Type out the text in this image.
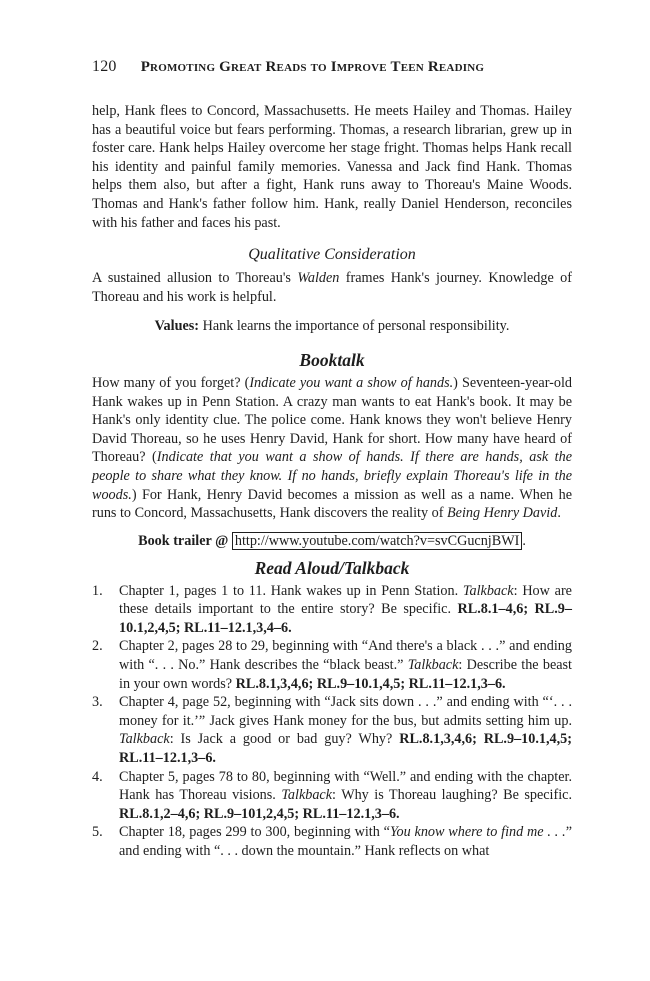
120 Promoting Great Reads to Improve Teen Reading

help, Hank flees to Concord, Massachusetts. He meets Hailey and Thomas. Hailey has a beautiful voice but fears performing. Thomas, a research librarian, grew up in foster care. Hank helps Hailey overcome her stage fright. Thomas helps Hank recall his identity and painful family memories. Vanessa and Jack find Hank. Thomas helps them also, but after a fight, Hank runs away to Thoreau's Maine Woods. Thomas and Hank's father follow him. Hank, really Daniel Henderson, reconciles with his father and faces his past.

Qualitative Consideration

A sustained allusion to Thoreau's Walden frames Hank's journey. Knowledge of Thoreau and his work is helpful.

Values: Hank learns the importance of personal responsibility.

Booktalk

How many of you forget? (Indicate you want a show of hands.) Seventeen-year-old Hank wakes up in Penn Station. A crazy man wants to eat Hank's book. It may be Hank's only identity clue. The police come. Hank knows they won't believe Henry David Thoreau, so he uses Henry David, Hank for short. How many have heard of Thoreau? (Indicate that you want a show of hands. If there are hands, ask the people to share what they know. If no hands, briefly explain Thoreau's life in the woods.) For Hank, Henry David becomes a mission as well as a name. When he runs to Concord, Massachusetts, Hank discovers the reality of Being Henry David.

Book trailer @ http://www.youtube.com/watch?v=svCGucnjBWI .
Read Aloud/Talkback
1. Chapter 1, pages 1 to 11. Hank wakes up in Penn Station. Talkback: How are these details important to the entire story? Be specific. RL.8.1–4,6; RL.9–10.1,2,4,5; RL.11–12.1,3,4–6.
2. Chapter 2, pages 28 to 29, beginning with “And there's a black . . .” and ending with “. . . No.” Hank describes the “black beast.” Talkback: Describe the beast in your own words? RL.8.1,3,4,6; RL.9–10.1,4,5; RL.11–12.1,3–6.
3. Chapter 4, page 52, beginning with “Jack sits down . . .” and ending with “‘. . . money for it.’” Jack gives Hank money for the bus, but admits setting him up. Talkback: Is Jack a good or bad guy? Why? RL.8.1,3,4,6; RL.9–10.1,4,5; RL.11–12.1,3–6.
4. Chapter 5, pages 78 to 80, beginning with “Well.” and ending with the chapter. Hank has Thoreau visions. Talkback: Why is Thoreau laughing? Be specific. RL.8.1,2–4,6; RL.9–101,2,4,5; RL.11–12.1,3–6.
5. Chapter 18, pages 299 to 300, beginning with “You know where to find me . . .” and ending with “. . . down the mountain.” Hank reflects on what
